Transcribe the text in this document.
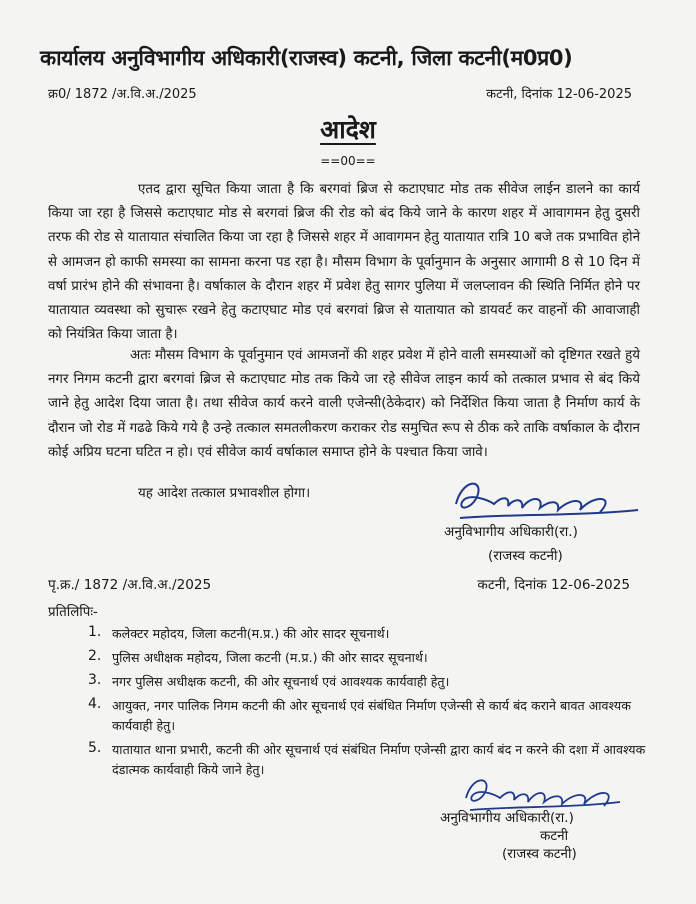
कार्यालय अनुविभागीय अधिकारी(राजस्व) कटनी, जिला कटनी(म0प्र0)
क्र0/ 1872 /अ.वि.अ./2025	कटनी, दिनांक 12-06-2025
आदेश
==00==

एतद द्वारा सूचित किया जाता है कि बरगवां ब्रिज से कटाएघाट मोड तक सीवेज लाईन डालने का कार्य किया जा रहा है जिससे कटाएघाट मोड से बरगवां ब्रिज की रोड को बंद किये जाने के कारण शहर में आवागमन हेतु दुसरी तरफ की रोड से यातायात संचालित किया जा रहा है जिससे शहर में आवागमन हेतु यातायात रात्रि 10 बजे तक प्रभावित होने से आमजन हो काफी समस्या का सामना करना पड रहा है। मौसम विभाग के पूर्वानुमान के अनुसार आगामी 8 से 10 दिन में वर्षा प्रारंभ होने की संभावना है। वर्षाकाल के दौरान शहर में प्रवेश हेतु सागर पुलिया में जलप्लावन की स्थिति निर्मित होने पर यातायात व्यवस्था को सुचारू रखने हेतु कटाएघाट मोड एवं बरगवां ब्रिज से यातायात को डायवर्ट कर वाहनों की आवाजाही को नियंत्रित किया जाता है।

अतः मौसम विभाग के पूर्वानुमान एवं आमजनों की शहर प्रवेश में होने वाली समस्याओं को दृष्टिगत रखते हुये नगर निगम कटनी द्वारा बरगवां ब्रिज से कटाएघाट मोड तक किये जा रहे सीवेज लाइन कार्य को तत्काल प्रभाव से बंद किये जाने हेतु आदेश दिया जाता है। तथा सीवेज कार्य करने वाली एजेन्सी(ठेकेदार) को निर्देशित किया जाता है निर्माण कार्य के दौरान जो रोड में गढढे किये गये है उन्हे तत्काल समतलीकरण कराकर रोड समुचित रूप से ठीक करे ताकि वर्षाकाल के दौरान कोई अप्रिय घटना घटित न हो। एवं सीवेज कार्य वर्षाकाल समाप्त होने के पश्चात किया जावे।

यह आदेश तत्काल प्रभावशील होगा।

अनुविभागीय अधिकारी(रा.)
(राजस्व कटनी)
पृ.क्र./ 1872 /अ.वि.अ./2025	कटनी, दिनांक 12-06-2025
प्रतिलिपिः-
1. कलेक्टर महोदय, जिला कटनी(म.प्र.) की ओर सादर सूचनार्थ।
2. पुलिस अधीक्षक महोदय, जिला कटनी (म.प्र.) की ओर सादर सूचनार्थ।
3. नगर पुलिस अधीक्षक कटनी, की ओर सूचनार्थ एवं आवश्यक कार्यवाही हेतु।
4. आयुक्त, नगर पालिक निगम कटनी की ओर सूचनार्थ एवं संबंधित निर्माण एजेन्सी से कार्य बंद कराने बावत आवश्यक कार्यवाही हेतु।
5. यातायात थाना प्रभारी, कटनी की ओर सूचनार्थ एवं संबंधित निर्माण एजेन्सी द्वारा कार्य बंद न करने की दशा में आवश्यक दंडात्मक कार्यवाही किये जाने हेतु।
अनुविभागीय अधिकारी(रा.)
कटनी
(राजस्व कटनी)
